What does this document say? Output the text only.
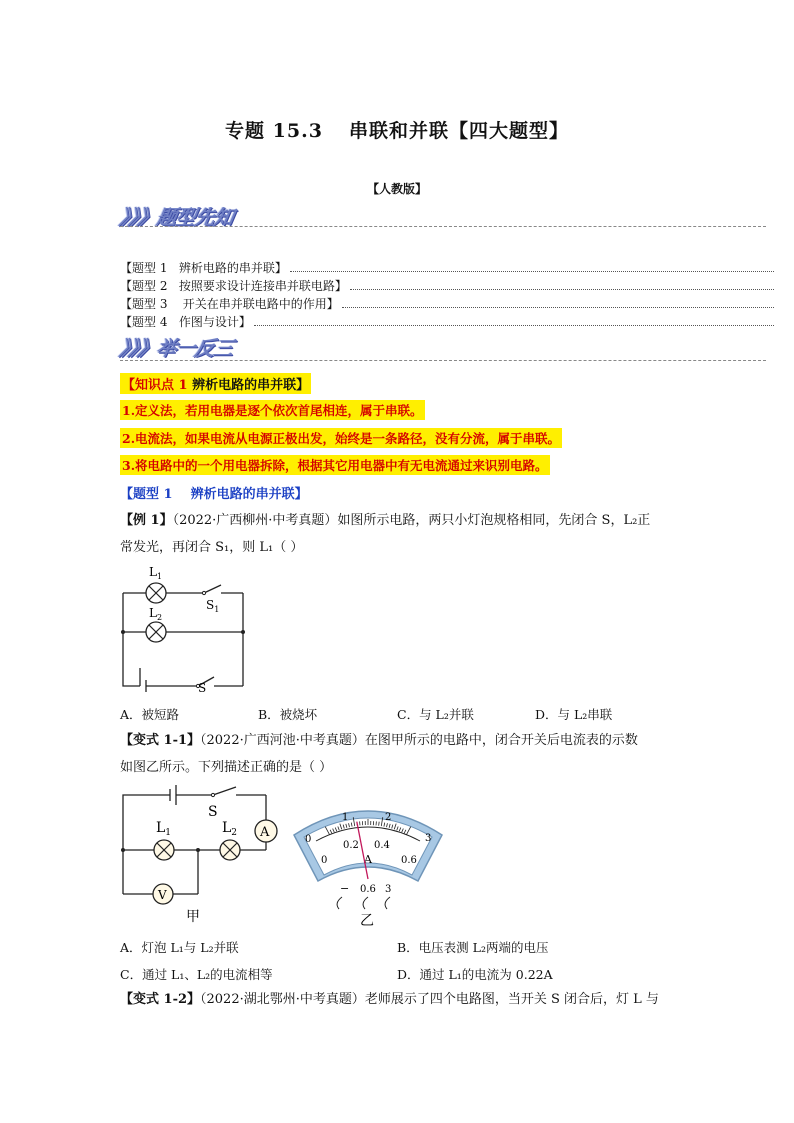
专题 15.3 串联和并联【四大题型】
【人教版】
》》》题型先知
【题型 1   辨析电路的串并联】
【题型 2   按照要求设计连接串并联电路】
【题型 3    开关在串并联电路中的作用】
【题型 4   作图与设计】
》》》举一反三
【知识点 1 辨析电路的串并联】
1.定义法，若用电器是逐个依次首尾相连，属于串联。
2.电流法，如果电流从电源正极出发，始终是一条路径，没有分流，属于串联。
3.将电路中的一个用电器拆除，根据其它用电器中有无电流通过来识别电路。
【题型 1 辨析电路的串并联】
【例 1】（2022·广西柳州·中考真题）如图所示电路，两只小灯泡规格相同，先闭合 S，L₂正
常发光，再闭合 S₁，则 L₁（ ）
$L_1$
$L_2$
$S_1$
S
A．被短路	B．被烧坏	C．与 L₂并联	D．与 L₂串联
【变式 1-1】（2022·广西河池·中考真题）在图甲所示的电路中，闭合开关后电流表的示数
如图乙所示。下列描述正确的是（ ）
A
V
S
$L_1$	$L_2$
甲
0
1	2
3
0
0.2 0.4
0.6
A
− 0.6 3
乙
A．灯泡 L₁与 L₂并联	B．电压表测 L₂两端的电压
C．通过 L₁、L₂的电流相等	D．通过 L₁的电流为 0.22A
【变式 1-2】（2022·湖北鄂州·中考真题）老师展示了四个电路图，当开关 S 闭合后，灯 L 与
